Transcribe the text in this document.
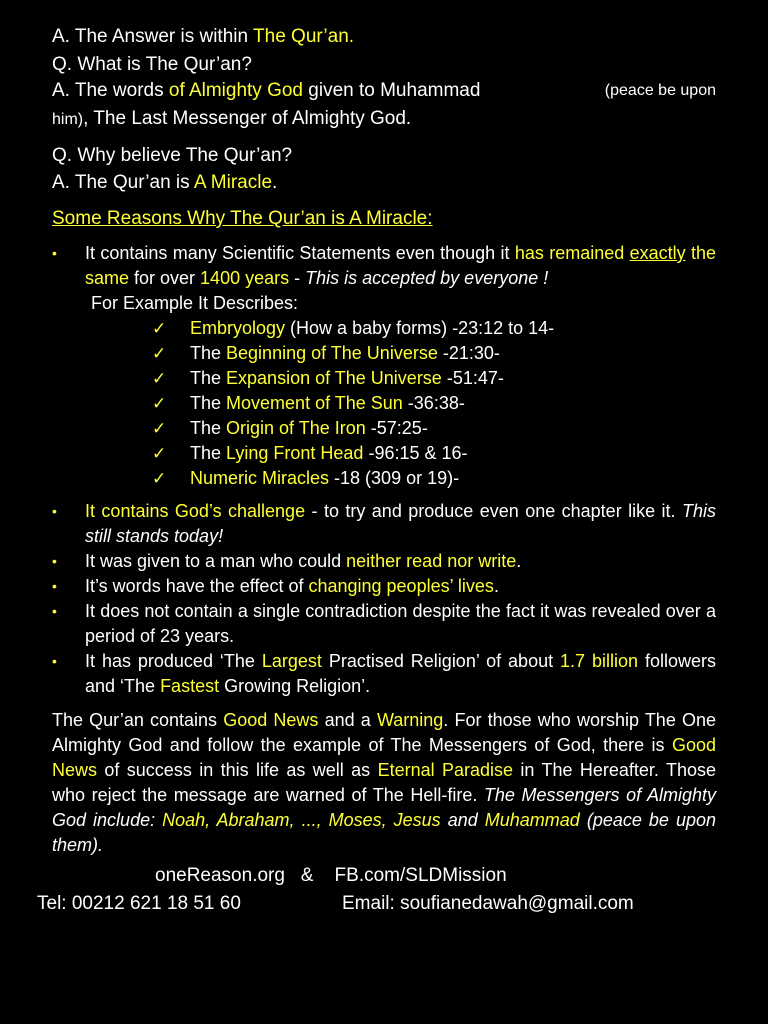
A. The Answer is within The Qur’an.
Q. What is The Qur’an?
A. The words of Almighty God given to Muhammad	(peace be upon
him), The Last Messenger of Almighty God.
Q. Why believe The Qur’an?
A. The Qur’an is A Miracle.
Some Reasons Why The Qur’an is A Miracle:
• It contains many Scientific Statements even though it has remained exactly the same for over 1400 years - This is accepted by everyone !
For Example It Describes:
✓ Embryology (How a baby forms) -23:12 to 14-
✓ The Beginning of The Universe -21:30-
✓ The Expansion of The Universe -51:47-
✓ The Movement of The Sun -36:38-
✓ The Origin of The Iron -57:25-
✓ The Lying Front Head -96:15 & 16-
✓ Numeric Miracles -18 (309 or 19)-
• It contains God’s challenge - to try and produce even one chapter like it. This still stands today!
• It was given to a man who could neither read nor write.
• It’s words have the effect of changing peoples’ lives.
• It does not contain a single contradiction despite the fact it was revealed over a period of 23 years.
• It has produced ‘The Largest Practised Religion’ of about 1.7 billion followers and ‘The Fastest Growing Religion’.
The Qur’an contains Good News and a Warning. For those who worship The One Almighty God and follow the example of The Messengers of God, there is Good News of success in this life as well as Eternal Paradise in The Hereafter. Those who reject the message are warned of The Hell-fire. The Messengers of Almighty God include: Noah, Abraham, ..., Moses, Jesus and Muhammad (peace be upon them).
oneReason.org   &    FB.com/SLDMission
Tel: 00212 621 18 51 60	Email: soufianedawah@gmail.com
